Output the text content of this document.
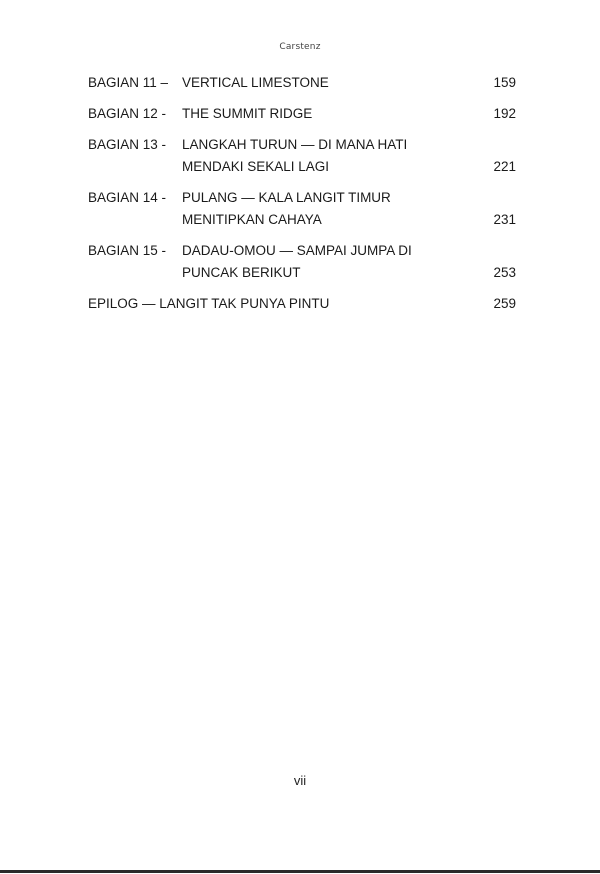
Carstenz
BAGIAN 11 – VERTICAL LIMESTONE	159
BAGIAN 12 - THE SUMMIT RIDGE	192
BAGIAN 13 - LANGKAH TURUN — DI MANA HATI MENDAKI SEKALI LAGI	221
BAGIAN 14 - PULANG — KALA LANGIT TIMUR MENITIPKAN CAHAYA	231
BAGIAN 15 - DADAU-OMOU — SAMPAI JUMPA DI PUNCAK BERIKUT	253
EPILOG — LANGIT TAK PUNYA PINTU	259
vii
